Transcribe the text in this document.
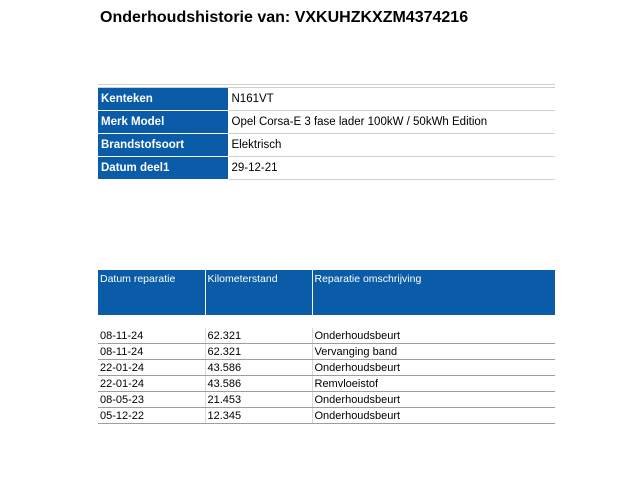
Onderhoudshistorie van: VXKUHZKXZM4374216

Kenteken	N161VT
Merk Model	Opel Corsa-E 3 fase lader 100kW / 50kWh Edition
Brandstofsoort	Elektrisch
Datum deel1	29-12-21
Datum reparatie	Kilometerstand	Reparatie omschrijving

08-11-24	62.321	Onderhoudsbeurt
08-11-24	62.321	Vervanging band
22-01-24	43.586	Onderhoudsbeurt
22-01-24	43.586	Remvloeistof
08-05-23	21.453	Onderhoudsbeurt
05-12-22	12.345	Onderhoudsbeurt
